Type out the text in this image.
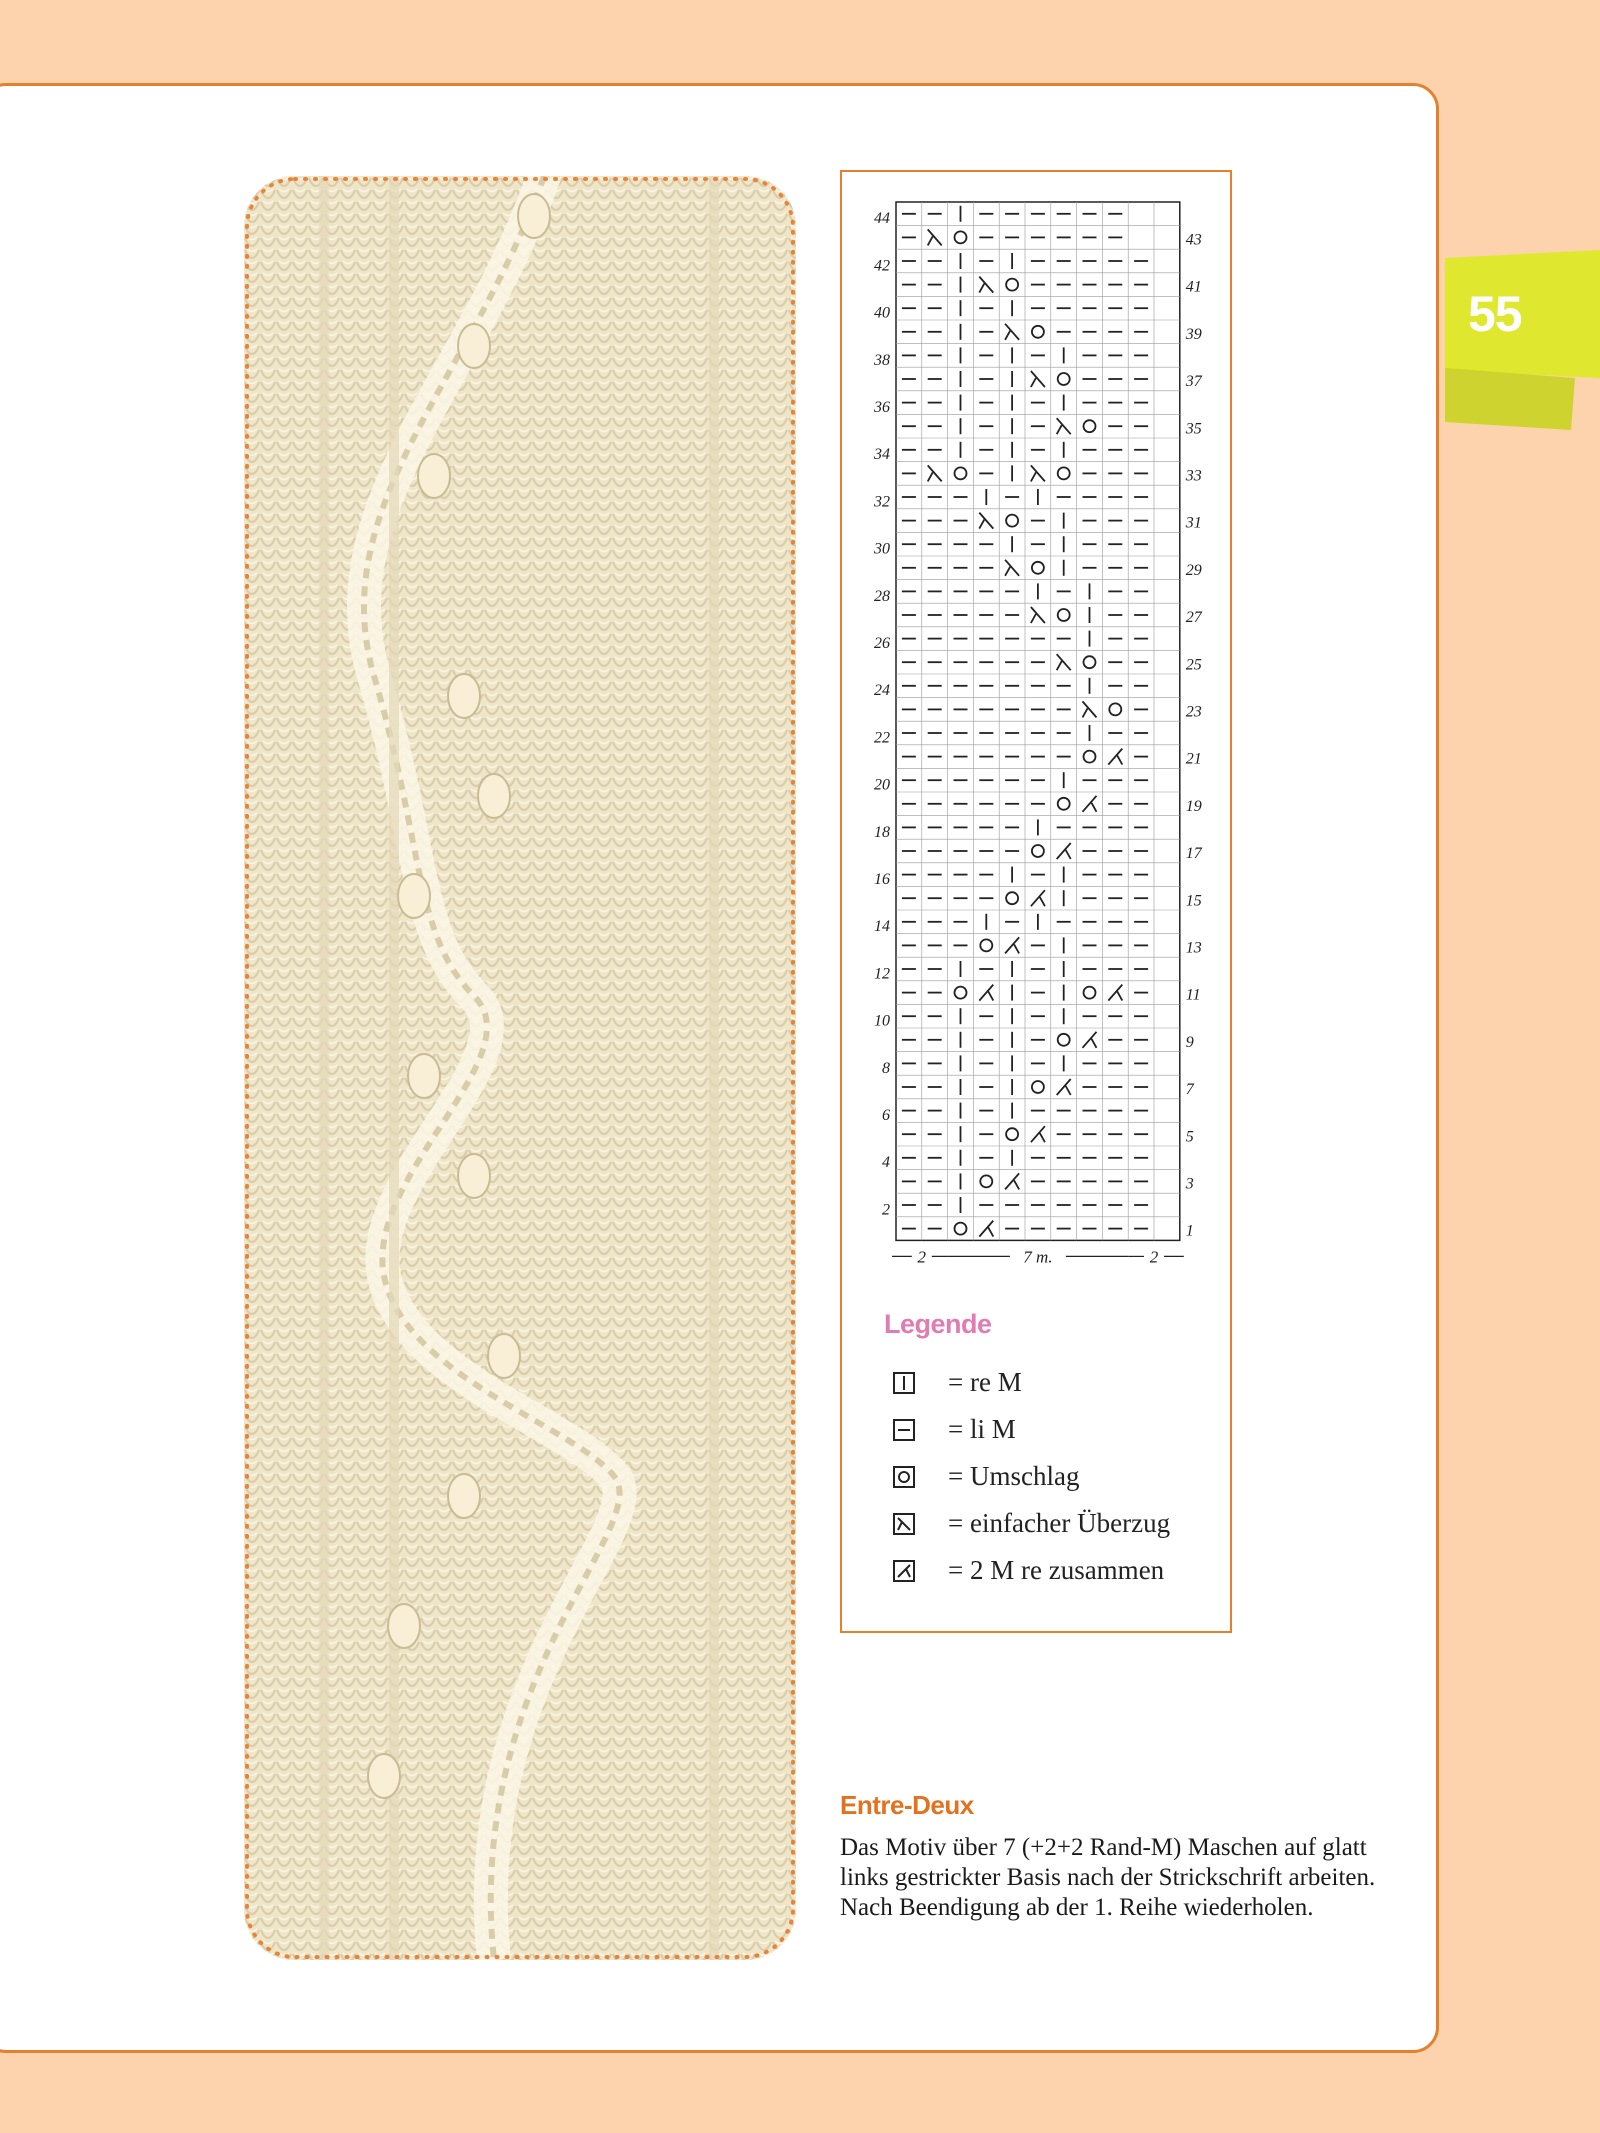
55
44
42
40
38
36
34
32
30
28
26
24
22
20
18
16
14
12
10
8
6
4
2
43
41
39
37
35
33
31
29
27
25
23
21
19
17
15
13
11
9
7
5
3
1
2	7 m.	2
Legende
= re M
= li M
= Umschlag
= einfacher Überzug
= 2 M re zusammen
Entre-Deux
Das Motiv über 7 (+2+2 Rand-M) Maschen auf glatt
links gestrickter Basis nach der Strickschrift arbeiten.
Nach Beendigung ab der 1. Reihe wiederholen.
